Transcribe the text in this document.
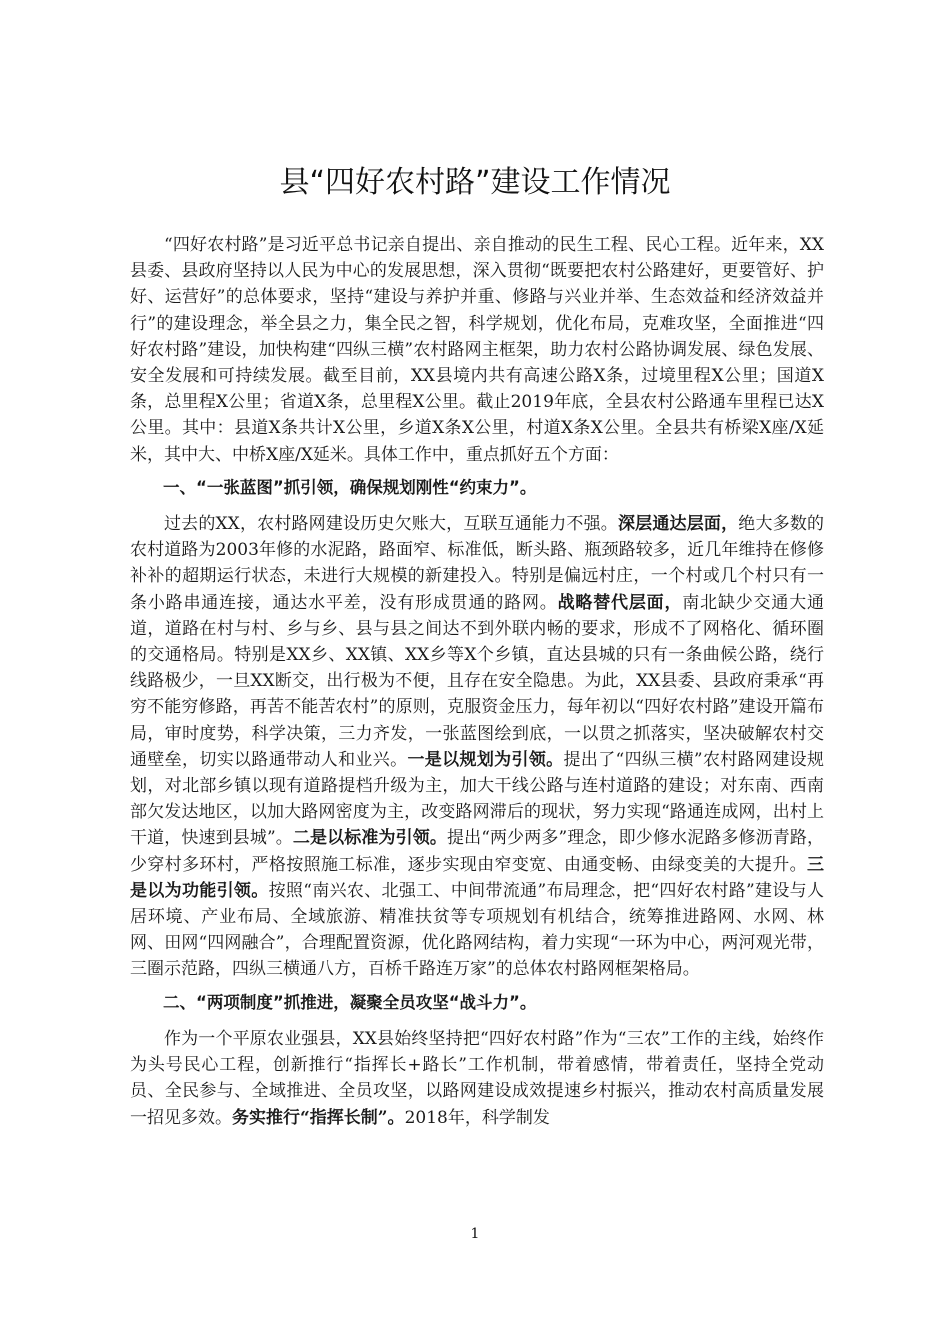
县“四好农村路”建设工作情况

“四好农村路”是习近平总书记亲自提出、亲自推动的民生工程、民心工程。近年来，XX县委、县政府坚持以人民为中心的发展思想，深入贯彻“既要把农村公路建好，更要管好、护好、运营好”的总体要求，坚持“建设与养护并重、修路与兴业并举、生态效益和经济效益并行”的建设理念，举全县之力，集全民之智，科学规划，优化布局，克难攻坚，全面推进“四好农村路”建设，加快构建“四纵三横”农村路网主框架，助力农村公路协调发展、绿色发展、安全发展和可持续发展。截至目前，XX县境内共有高速公路X条，过境里程X公里；国道X条，总里程X公里；省道X条，总里程X公里。截止2019年底，全县农村公路通车里程已达X公里。其中：县道X条共计X公里，乡道X条X公里，村道X条X公里。全县共有桥梁X座/X延米，其中大、中桥X座/X延米。具体工作中，重点抓好五个方面：

一、“一张蓝图”抓引领，确保规划刚性“约束力”。

过去的XX，农村路网建设历史欠账大，互联互通能力不强。深层通达层面，绝大多数的农村道路为2003年修的水泥路，路面窄、标准低，断头路、瓶颈路较多，近几年维持在修修补补的超期运行状态，未进行大规模的新建投入。特别是偏远村庄，一个村或几个村只有一条小路串通连接，通达水平差，没有形成贯通的路网。战略替代层面，南北缺少交通大通道，道路在村与村、乡与乡、县与县之间达不到外联内畅的要求，形成不了网格化、循环圈的交通格局。特别是XX乡、XX镇、XX乡等X个乡镇，直达县城的只有一条曲候公路，绕行线路极少，一旦XX断交，出行极为不便，且存在安全隐患。为此，XX县委、县政府秉承“再穷不能穷修路，再苦不能苦农村”的原则，克服资金压力，每年初以“四好农村路”建设开篇布局，审时度势，科学决策，三力齐发，一张蓝图绘到底，一以贯之抓落实，坚决破解农村交通壁垒，切实以路通带动人和业兴。一是以规划为引领。提出了“四纵三横”农村路网建设规划，对北部乡镇以现有道路提档升级为主，加大干线公路与连村道路的建设；对东南、西南部欠发达地区，以加大路网密度为主，改变路网滞后的现状，努力实现“路通连成网，出村上干道，快速到县城”。二是以标准为引领。提出“两少两多”理念，即少修水泥路多修沥青路，少穿村多环村，严格按照施工标准，逐步实现由窄变宽、由通变畅、由绿变美的大提升。三是以为功能引领。按照“南兴农、北强工、中间带流通”布局理念，把“四好农村路”建设与人居环境、产业布局、全域旅游、精准扶贫等专项规划有机结合，统筹推进路网、水网、林网、田网“四网融合”，合理配置资源，优化路网结构，着力实现“一环为中心，两河观光带，三圈示范路，四纵三横通八方，百桥千路连万家”的总体农村路网框架格局。

二、“两项制度”抓推进，凝聚全员攻坚“战斗力”。

作为一个平原农业强县，XX县始终坚持把“四好农村路”作为“三农”工作的主线，始终作为头号民心工程，创新推行“指挥长+路长”工作机制，带着感情，带着责任，坚持全党动员、全民参与、全域推进、全员攻坚，以路网建设成效提速乡村振兴，推动农村高质量发展一招见多效。务实推行“指挥长制”。2018年，科学制发

1
